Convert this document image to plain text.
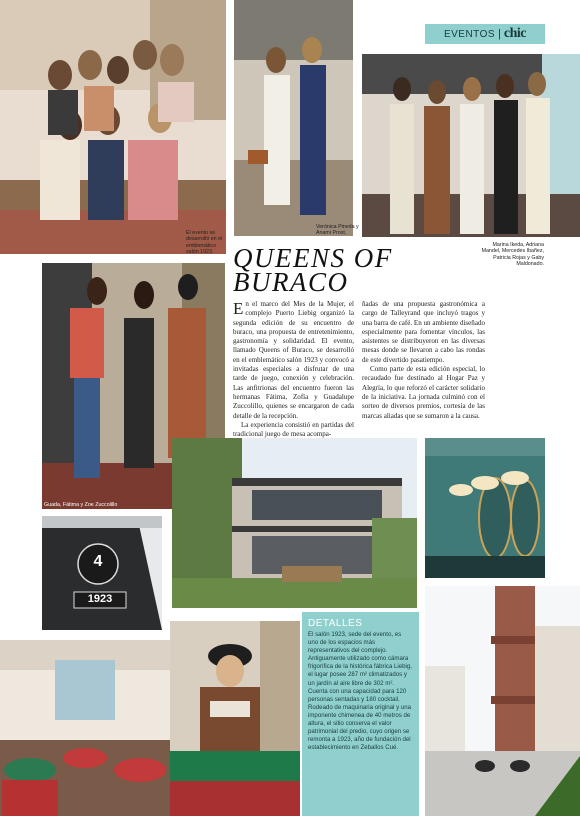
EVENTOS | chic
El evento se desarrolló en el emblemático salón 1923.
Verónica Pineda y Anami Prost.
Marina Ikeda, Adriana Mandel, Mercedes Ibañez, Patricia Rojas y Gaby Maldonado.
QUEENS OF
BURACO
Guada, Fátima y Zoe Zuccolillo

En el marco del Mes de la Mujer, el complejo Puerto Liebig organizó la segunda edición de su encuentro de buraco, una propuesta de entretenimiento, gastronomía y solidaridad. El evento, llamado Queens of Buraco, se desarrolló en el emblemático salón 1923 y convocó a invitadas especiales a disfrutar de una tarde de juego, conexión y celebración. Las anfitrionas del encuentro fueron las hermanas Fátima, Zofía y Guadalupe Zuccolillo, quienes se encargaron de cada detalle de la recepción.

La experiencia consistió en partidas del tradicional juego de mesa acompa-

ñadas de una propuesta gastronómica a cargo de Talleyrand que incluyó tragos y una barra de café. En un ambiente diseñado especialmente para fomentar vínculos, las asistentes se distribuyeron en las diversas mesas donde se llevaron a cabo las rondas de este divertido pasatiempo.

Como parte de esta edición especial, lo recaudado fue destinado al Hogar Paz y Alegría, lo que reforzó el carácter solidario de la iniciativa. La jornada culminó con el sorteo de diversos premios, cortesía de las marcas aliadas que se sumaron a la causa.

4
1923
DETALLES
El salón 1923, sede del evento, es uno de los espacios más representativos del complejo. Antiguamente utilizado como cámara frigorífica de la histórica fábrica Liebig, el lugar posee 287 m² climatizados y un jardín al aire libre de 302 m². Cuenta con una capacidad para 120 personas sentadas y 180 cocktail. Rodeado de maquinaria original y una imponente chimenea de 40 metros de altura, el sitio conserva el valor patrimonial del predio, cuyo origen se remonta a 1923, año de fundación del establecimiento en Zeballos Cué.
